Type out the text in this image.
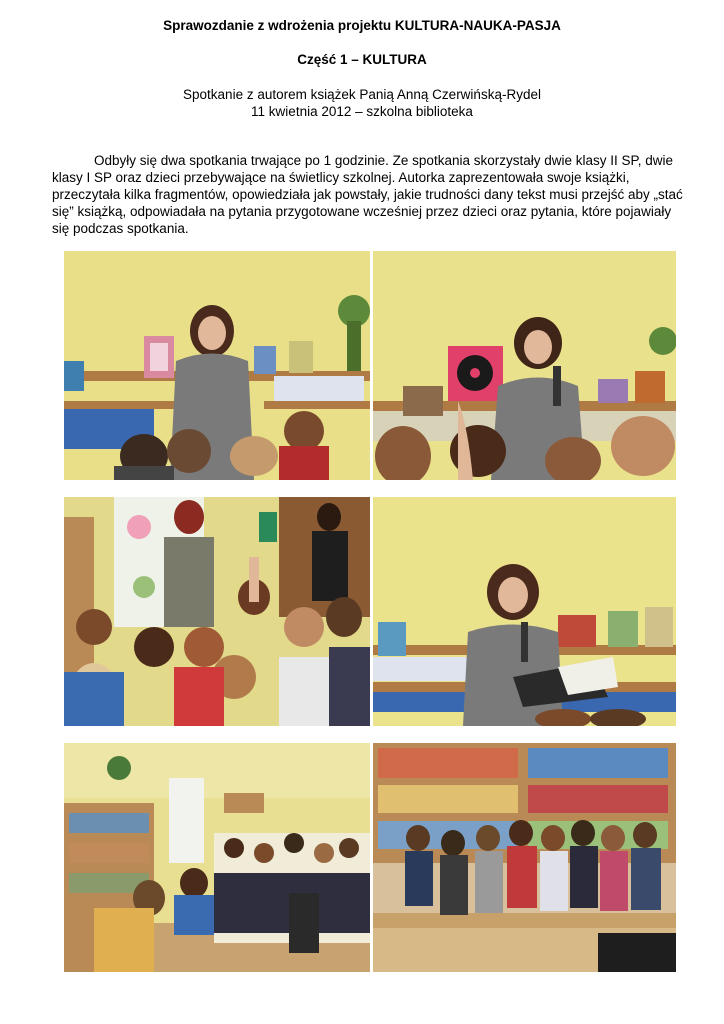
Sprawozdanie z wdrożenia projektu KULTURA-NAUKA-PASJA
Część 1 – KULTURA
Spotkanie z autorem książek Panią Anną Czerwińską-Rydel
11 kwietnia 2012 – szkolna biblioteka
Odbyły się dwa spotkania trwające po 1 godzinie. Ze spotkania skorzystały dwie klasy II SP, dwie klasy I SP oraz dzieci przebywające na świetlicy szkolnej. Autorka zaprezentowała swoje książki, przeczytała kilka fragmentów, opowiedziała jak powstały, jakie trudności dany tekst musi przejść aby „stać się” książką, odpowiadała na pytania przygotowane wcześniej przez dzieci oraz pytania, które pojawiały się podczas spotkania.
